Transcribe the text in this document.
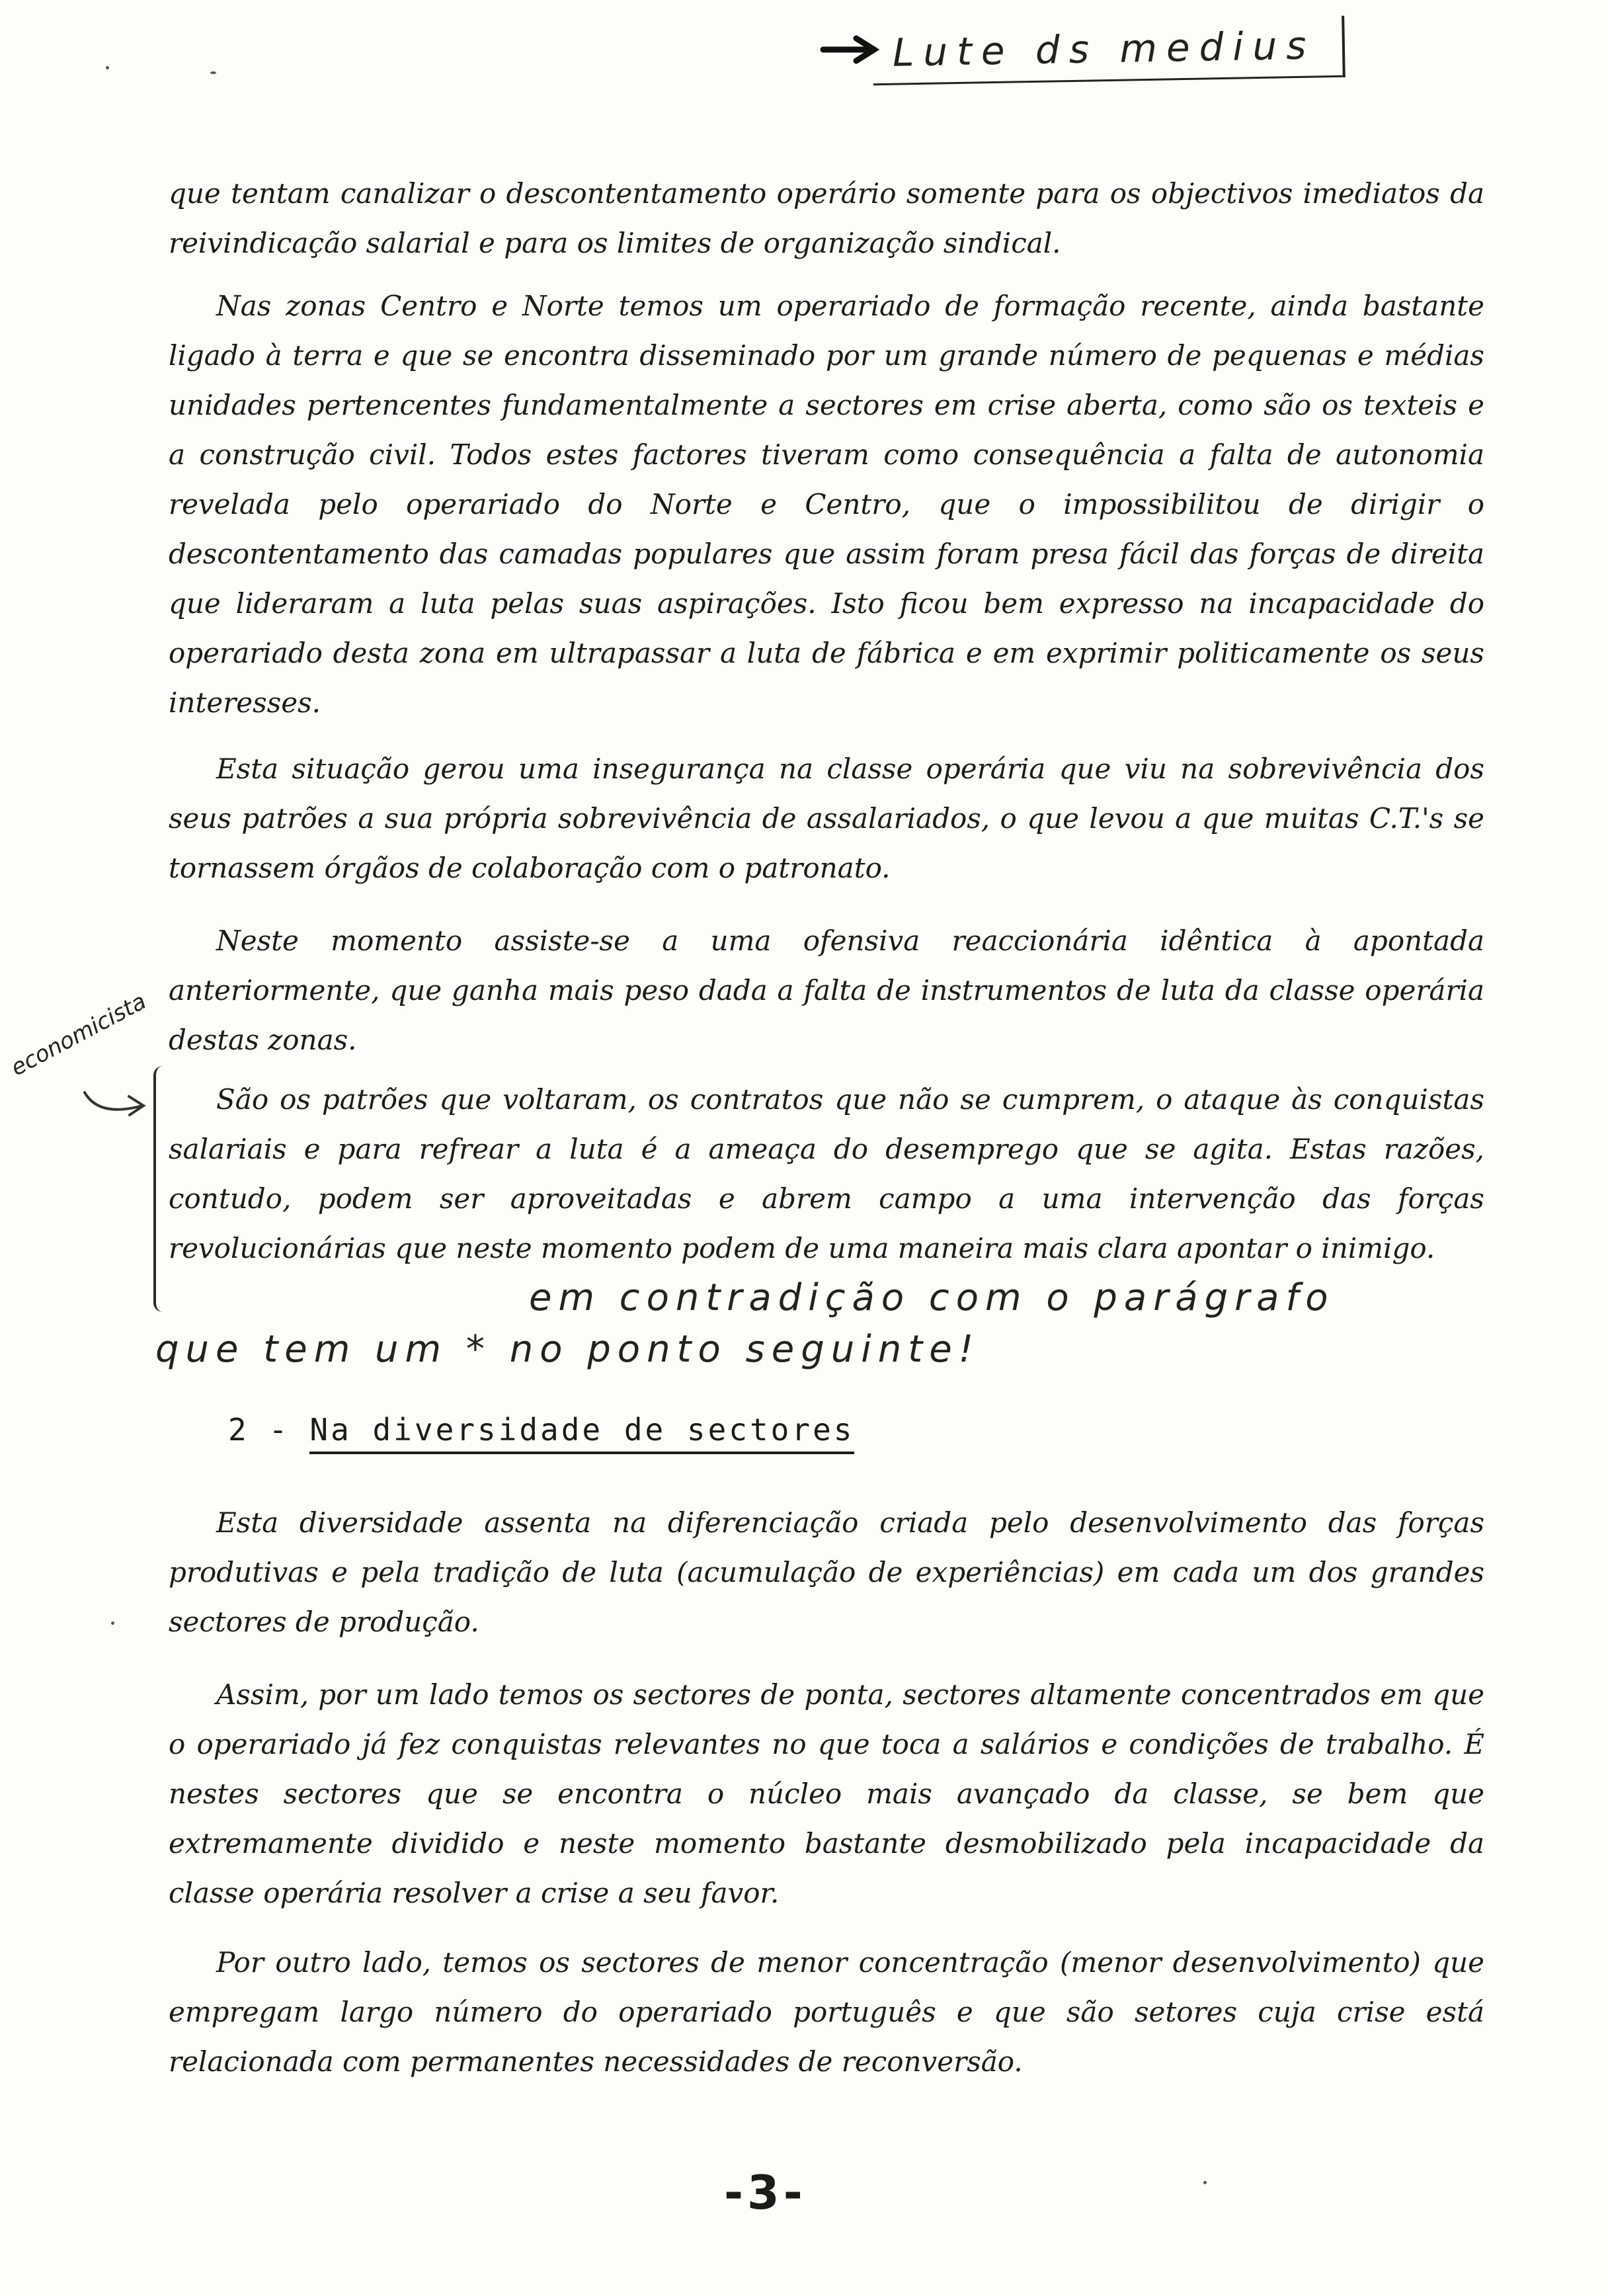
Lute ds medius

que tentam canalizar o descontentamento operário somente para os objectivos imediatos da reivindicação salarial e para os limites de organização sindical.

Nas zonas Centro e Norte temos um operariado de formação recente, ainda bastante ligado à terra e que se encontra disseminado por um grande número de pequenas e médias unidades pertencentes fundamentalmente a sectores em crise aberta, como são os texteis e a construção civil. Todos estes factores tiveram como consequência a falta de autonomia revelada pelo operariado do Norte e Centro, que o impossibilitou de dirigir o descontentamento das camadas populares que assim foram presa fácil das forças de direita que lideraram a luta pelas suas aspirações. Isto ficou bem expresso na incapacidade do operariado desta zona em ultrapassar a luta de fábrica e em exprimir politicamente os seus interesses.

Esta situação gerou uma insegurança na classe operária que viu na sobrevivência dos seus patrões a sua própria sobrevivência de assalariados, o que levou a que muitas C.T.'s se tornassem órgãos de colaboração com o patronato.

Neste momento assiste-se a uma ofensiva reaccionária idêntica à apontada anteriormente, que ganha mais peso dada a falta de instrumentos de luta da classe operária destas zonas.

economicista

São os patrões que voltaram, os contratos que não se cumprem, o ataque às conquistas salariais e para refrear a luta é a ameaça do desemprego que se agita. Estas razões, contudo, podem ser aproveitadas e abrem campo a uma intervenção das forças revolucionárias que neste momento podem de uma maneira mais clara apontar o inimigo.

em contradição com o parágrafo
que tem um * no ponto seguinte!
2 - Na diversidade de sectores

Esta diversidade assenta na diferenciação criada pelo desenvolvimento das forças produtivas e pela tradição de luta (acumulação de experiências) em cada um dos grandes sectores de produção.

Assim, por um lado temos os sectores de ponta, sectores altamente concentrados em que o operariado já fez conquistas relevantes no que toca a salários e condições de trabalho. É nestes sectores que se encontra o núcleo mais avançado da classe, se bem que extremamente dividido e neste momento bastante desmobilizado pela incapacidade da classe operária resolver a crise a seu favor.

Por outro lado, temos os sectores de menor concentração (menor desenvolvimento) que empregam largo número do operariado português e que são setores cuja crise está relacionada com permanentes necessidades de reconversão.

-3-
